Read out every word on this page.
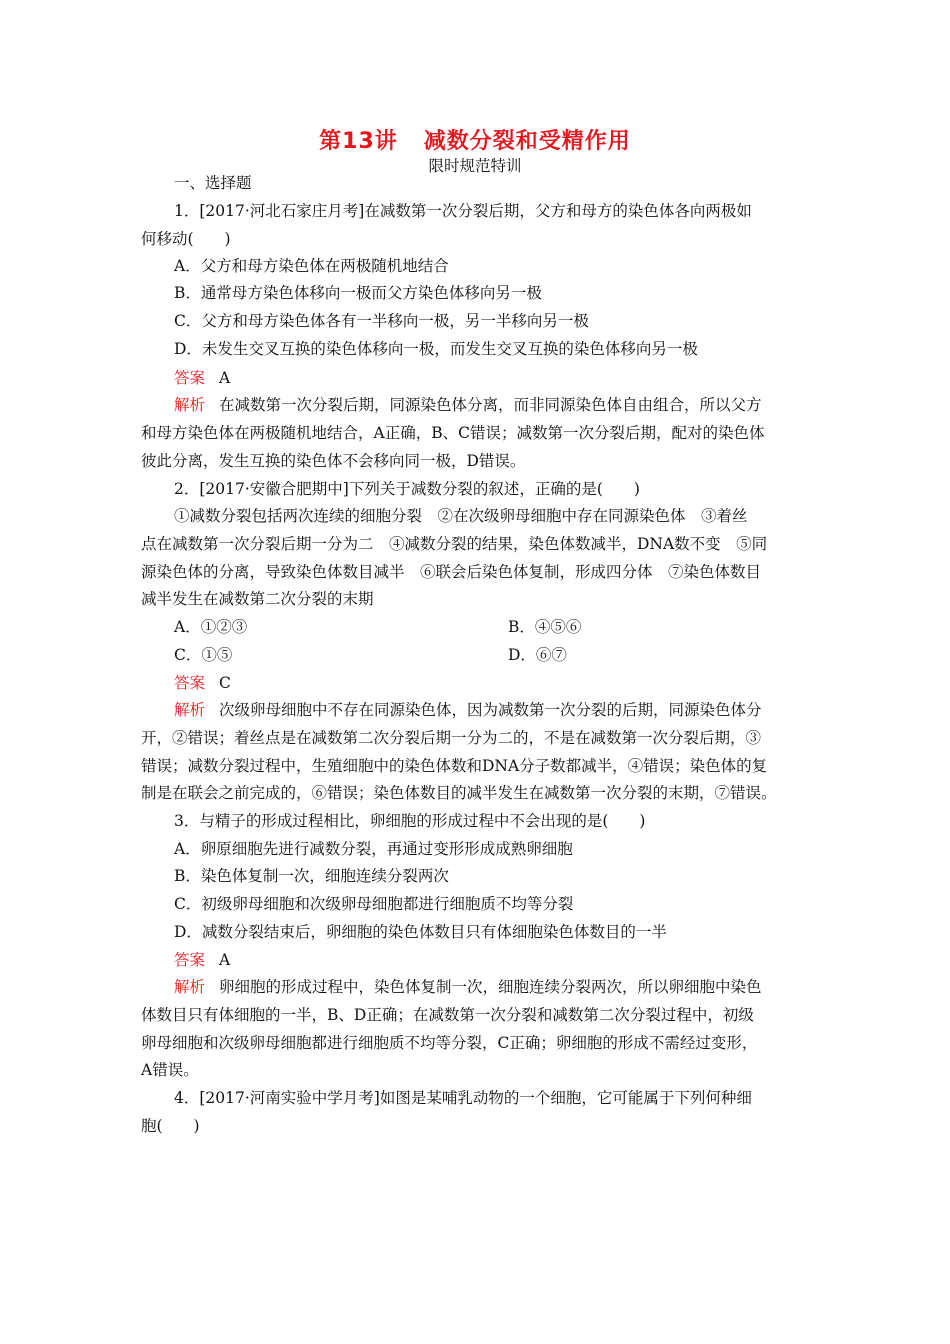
第13讲 减数分裂和受精作用
限时规范特训
一、选择题
1．[2017·河北石家庄月考]在减数第一次分裂后期，父方和母方的染色体各向两极如
何移动(　　)
A．父方和母方染色体在两极随机地结合
B．通常母方染色体移向一极而父方染色体移向另一极
C．父方和母方染色体各有一半移向一极，另一半移向另一极
D．未发生交叉互换的染色体移向一极，而发生交叉互换的染色体移向另一极
答案 A
解析 在减数第一次分裂后期，同源染色体分离，而非同源染色体自由组合，所以父方
和母方染色体在两极随机地结合，A正确，B、C错误；减数第一次分裂后期，配对的染色体
彼此分离，发生互换的染色体不会移向同一极，D错误。
2．[2017·安徽合肥期中]下列关于减数分裂的叙述，正确的是(　　)
①减数分裂包括两次连续的细胞分裂　②在次级卵母细胞中存在同源染色体　③着丝
点在减数第一次分裂后期一分为二　④减数分裂的结果，染色体数减半，DNA数不变　⑤同
源染色体的分离，导致染色体数目减半　⑥联会后染色体复制，形成四分体　⑦染色体数目
减半发生在减数第二次分裂的末期
A．①②③	B．④⑤⑥
C．①⑤	D．⑥⑦
答案 C
解析 次级卵母细胞中不存在同源染色体，因为减数第一次分裂的后期，同源染色体分
开，②错误；着丝点是在减数第二次分裂后期一分为二的，不是在减数第一次分裂后期，③
错误；减数分裂过程中，生殖细胞中的染色体数和DNA分子数都减半，④错误；染色体的复
制是在联会之前完成的，⑥错误；染色体数目的减半发生在减数第一次分裂的末期，⑦错误。
3．与精子的形成过程相比，卵细胞的形成过程中不会出现的是(　　)
A．卵原细胞先进行减数分裂，再通过变形形成成熟卵细胞
B．染色体复制一次，细胞连续分裂两次
C．初级卵母细胞和次级卵母细胞都进行细胞质不均等分裂
D．减数分裂结束后，卵细胞的染色体数目只有体细胞染色体数目的一半
答案 A
解析 卵细胞的形成过程中，染色体复制一次，细胞连续分裂两次，所以卵细胞中染色
体数目只有体细胞的一半，B、D正确；在减数第一次分裂和减数第二次分裂过程中，初级
卵母细胞和次级卵母细胞都进行细胞质不均等分裂，C正确；卵细胞的形成不需经过变形，
A错误。
4．[2017·河南实验中学月考]如图是某哺乳动物的一个细胞，它可能属于下列何种细
胞(　　)
